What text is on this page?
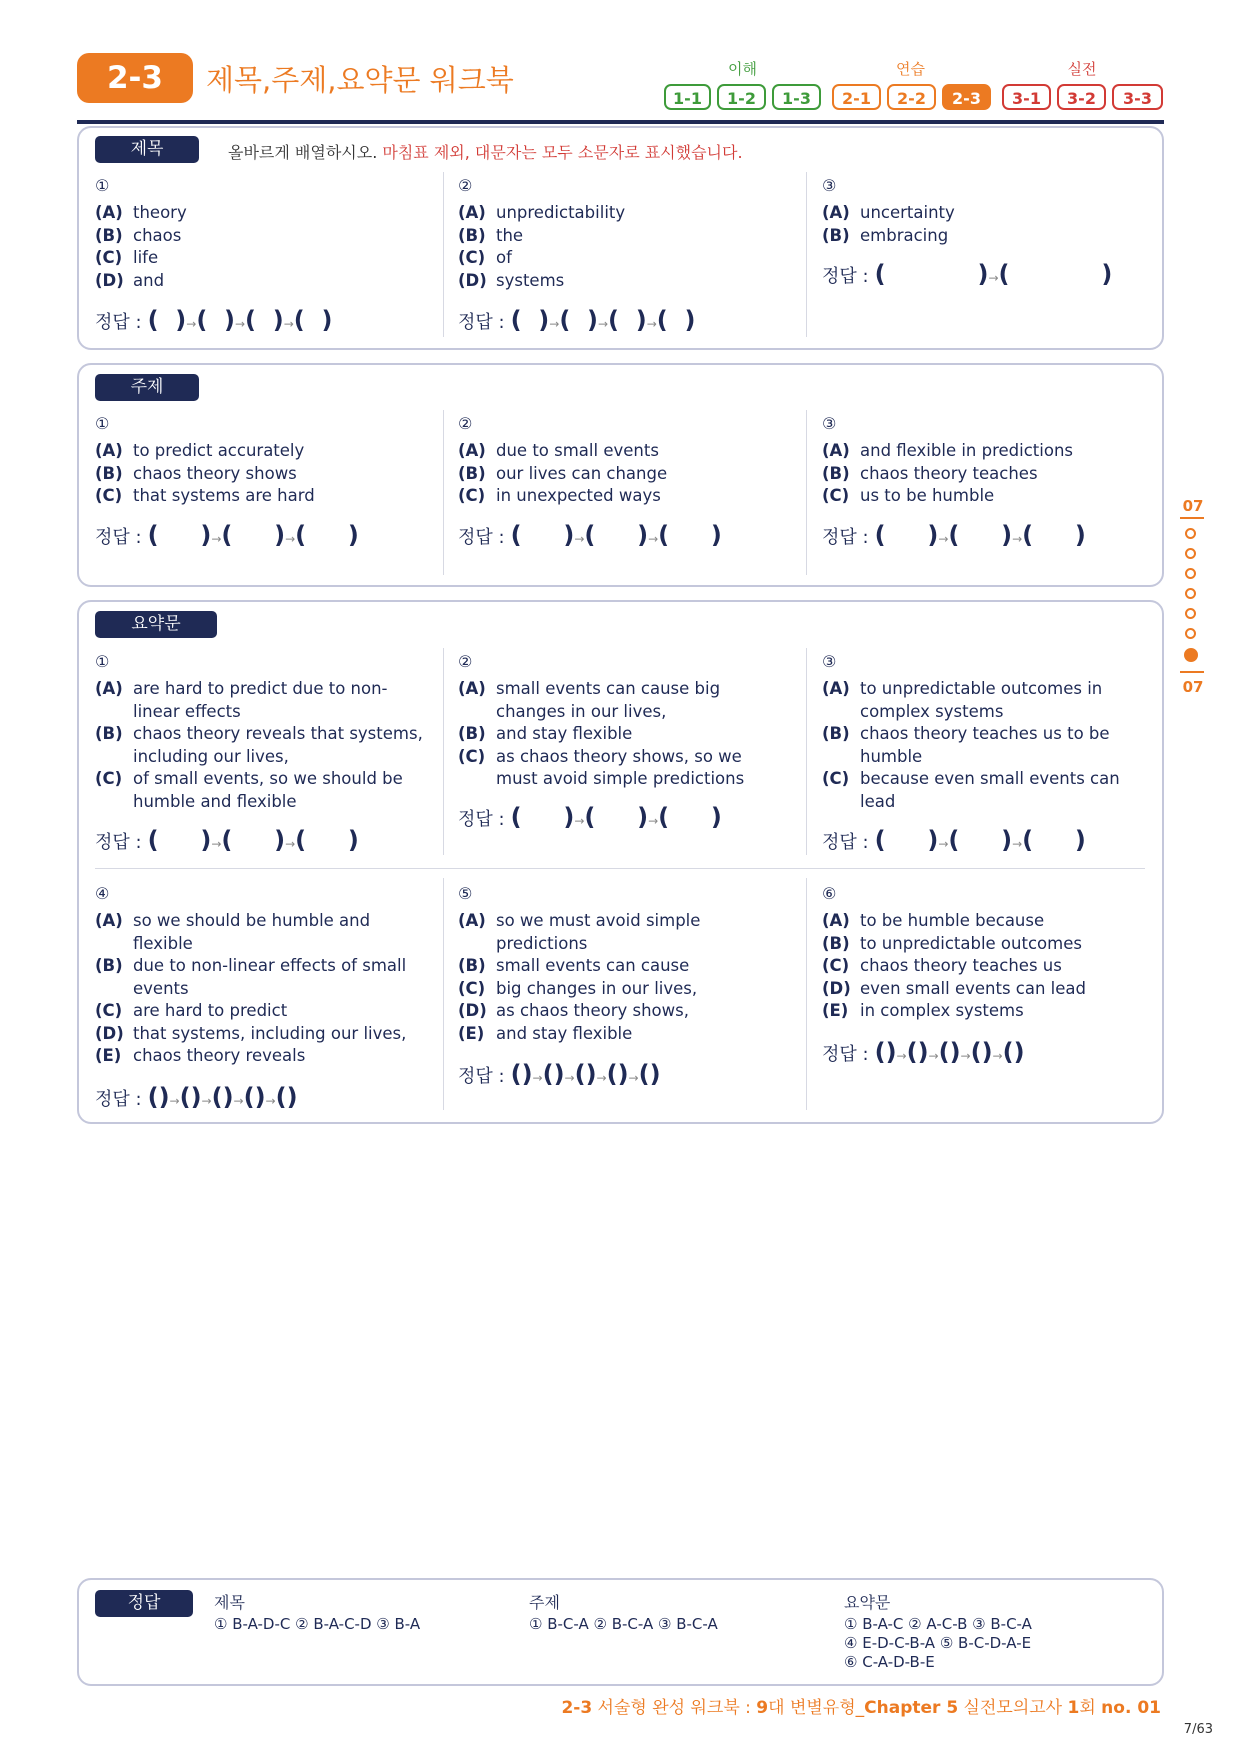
2-3	제목,주제,요약문 워크북	이해	연습	실전
1-1	1-2	1-3	2-1	2-2	2-3	3-1	3-2	3-3
제목	올바르게 배열하시오. 마침표 제외, 대문자는 모두 소문자로 표시했습니다.
①
(A) theory
(B) chaos
(C) life
(D) and
정답 : (  )→(  )→(  )→(  )
②
(A) unpredictability
(B) the
(C) of
(D) systems
정답 : (  )→(  )→(  )→(  )
③
(A) uncertainty
(B) embracing
정답 : (           )→(           )
주제
①
(A) to predict accurately
(B) chaos theory shows
(C) that systems are hard
정답 : (     )→(     )→(     )
②
(A) due to small events
(B) our lives can change
(C) in unexpected ways
정답 : (     )→(     )→(     )
③
(A) and flexible in predictions
(B) chaos theory teaches
(C) us to be humble
정답 : (     )→(     )→(     )
요약문
①
(A) are hard to predict due to non-linear effects
(B) chaos theory reveals that systems, including our lives,
(C) of small events, so we should be humble and flexible
정답 : (     )→(     )→(     )
②
(A) small events can cause big changes in our lives,
(B) and stay flexible
(C) as chaos theory shows, so we must avoid simple predictions
정답 : (     )→(     )→(     )
③
(A) to unpredictable outcomes in complex systems
(B) chaos theory teaches us to be humble
(C) because even small events can lead
정답 : (     )→(     )→(     )
④
(A) so we should be humble and flexible
(B) due to non-linear effects of small events
(C) are hard to predict
(D) that systems, including our lives,
(E) chaos theory reveals
정답 : ()→()→()→()→()
⑤
(A) so we must avoid simple predictions
(B) small events can cause
(C) big changes in our lives,
(D) as chaos theory shows,
(E) and stay flexible
정답 : ()→()→()→()→()
⑥
(A) to be humble because
(B) to unpredictable outcomes
(C) chaos theory teaches us
(D) even small events can lead
(E) in complex systems
정답 : ()→()→()→()→()
07
07
정답	제목
① B-A-D-C ② B-A-C-D ③ B-A
주제
① B-C-A ② B-C-A ③ B-C-A
요약문
① B-A-C ② A-C-B ③ B-C-A
④ E-D-C-B-A ⑤ B-C-D-A-E
⑥ C-A-D-B-E
2-3 서술형 완성 워크북 : 9대 변별유형_Chapter 5 실전모의고사 1회 no. 01
7/63
